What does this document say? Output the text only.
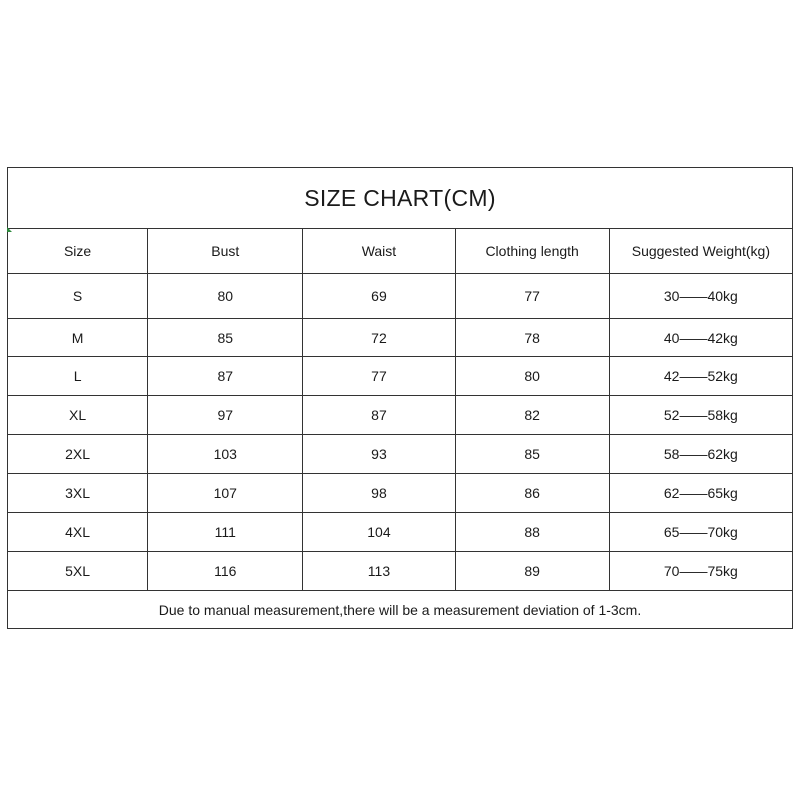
SIZE CHART(CM)				

Size	Bust	Waist	Clothing length	Suggested Weight(kg)
S	80	69	77	30——40kg
M	85	72	78	40——42kg
L	87	77	80	42——52kg
XL	97	87	82	52——58kg
2XL	103	93	85	58——62kg
3XL	107	98	86	62——65kg
4XL	111	104	88	65——70kg
5XL	116	113	89	70——75kg
Due to manual measurement,there will be a measurement deviation of 1-3cm.				
